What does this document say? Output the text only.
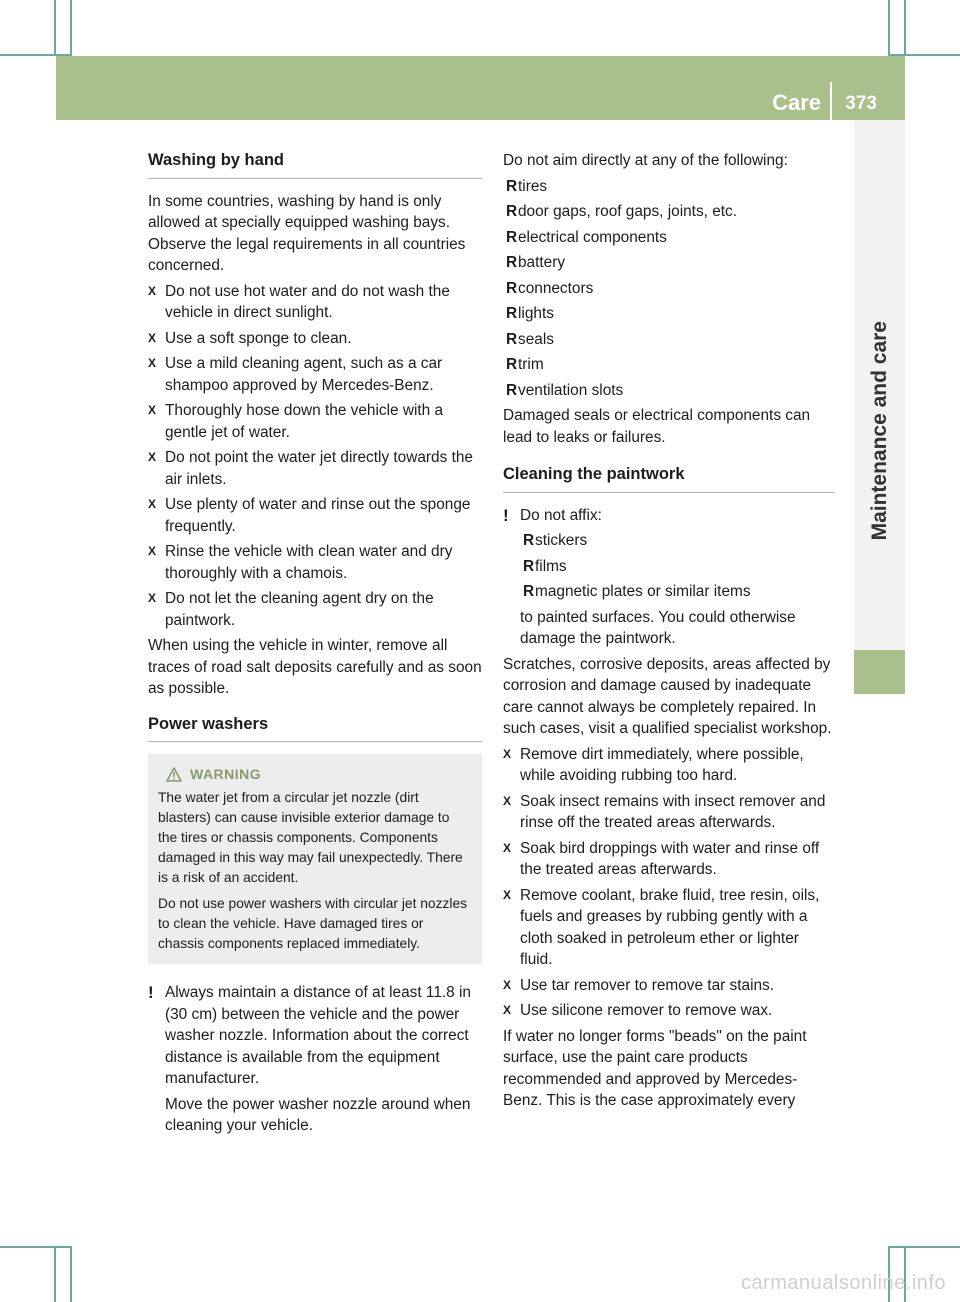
Care 373
Maintenance and care
Washing by hand

In some countries, washing by hand is only allowed at specially equipped washing bays. Observe the legal requirements in all countries concerned.

X Do not use hot water and do not wash the vehicle in direct sunlight.
X Use a soft sponge to clean.
X Use a mild cleaning agent, such as a car shampoo approved by Mercedes-Benz.
X Thoroughly hose down the vehicle with a gentle jet of water.
X Do not point the water jet directly towards the air inlets.
X Use plenty of water and rinse out the sponge frequently.
X Rinse the vehicle with clean water and dry thoroughly with a chamois.
X Do not let the cleaning agent dry on the paintwork.

When using the vehicle in winter, remove all traces of road salt deposits carefully and as soon as possible.

Power washers
WARNING

The water jet from a circular jet nozzle (dirt blasters) can cause invisible exterior damage to the tires or chassis components. Components damaged in this way may fail unexpectedly. There is a risk of an accident.

Do not use power washers with circular jet nozzles to clean the vehicle. Have damaged tires or chassis components replaced immediately.

! Always maintain a distance of at least 11.8 in (30 cm) between the vehicle and the power washer nozzle. Information about the correct distance is available from the equipment manufacturer.

Move the power washer nozzle around when cleaning your vehicle.

Do not aim directly at any of the following:

R tires
R door gaps, roof gaps, joints, etc.
R electrical components
R battery
R connectors
R lights
R seals
R trim
R ventilation slots

Damaged seals or electrical components can lead to leaks or failures.

Cleaning the paintwork
! Do not affix:

R stickers
R films
R magnetic plates or similar items

to painted surfaces. You could otherwise damage the paintwork.

Scratches, corrosive deposits, areas affected by corrosion and damage caused by inadequate care cannot always be completely repaired. In such cases, visit a qualified specialist workshop.

X Remove dirt immediately, where possible, while avoiding rubbing too hard.
X Soak insect remains with insect remover and rinse off the treated areas afterwards.
X Soak bird droppings with water and rinse off the treated areas afterwards.
X Remove coolant, brake fluid, tree resin, oils, fuels and greases by rubbing gently with a cloth soaked in petroleum ether or lighter fluid.
X Use tar remover to remove tar stains.
X Use silicone remover to remove wax.

If water no longer forms "beads" on the paint surface, use the paint care products recommended and approved by Mercedes-Benz. This is the case approximately every

carmanualsonline.info
